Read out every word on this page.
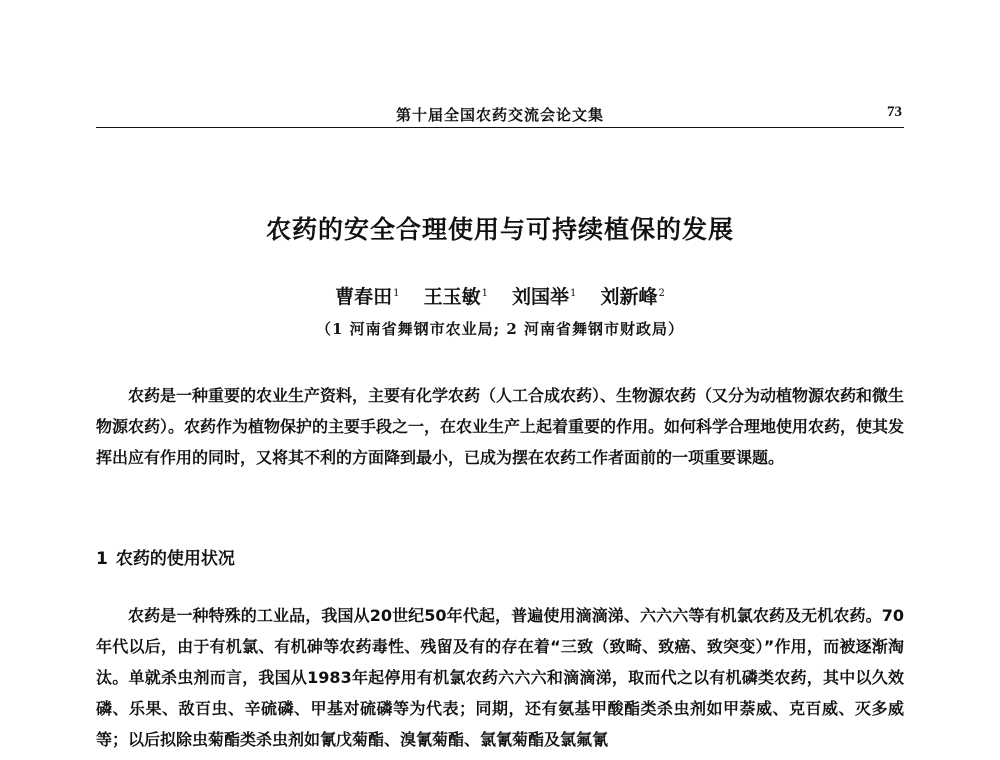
第十届全国农药交流会论文集	73
农药的安全合理使用与可持续植保的发展
曹春田$^1$ 王玉敏$^1$ 刘国举$^1$ 刘新峰$^2$
（1 河南省舞钢市农业局; 2 河南省舞钢市财政局）

农药是一种重要的农业生产资料，主要有化学农药（人工合成农药）、生物源农药（又分为动植物源农药和微生物源农药）。农药作为植物保护的主要手段之一，在农业生产上起着重要的作用。如何科学合理地使用农药，使其发挥出应有作用的同时，又将其不利的方面降到最小，已成为摆在农药工作者面前的一项重要课题。

1 农药的使用状况

农药是一种特殊的工业品，我国从20世纪50年代起，普遍使用滴滴涕、六六六等有机氯农药及无机农药。70年代以后，由于有机氯、有机砷等农药毒性、残留及有的存在着“三致（致畸、致癌、致突变）”作用，而被逐渐淘汰。单就杀虫剂而言，我国从1983年起停用有机氯农药六六六和滴滴涕，取而代之以有机磷类农药，其中以久效磷、乐果、敌百虫、辛硫磷、甲基对硫磷等为代表；同期，还有氨基甲酸酯类杀虫剂如甲萘威、克百威、灭多威等；以后拟除虫菊酯类杀虫剂如氰戊菊酯、溴氰菊酯、氯氰菊酯及氯氟氰
